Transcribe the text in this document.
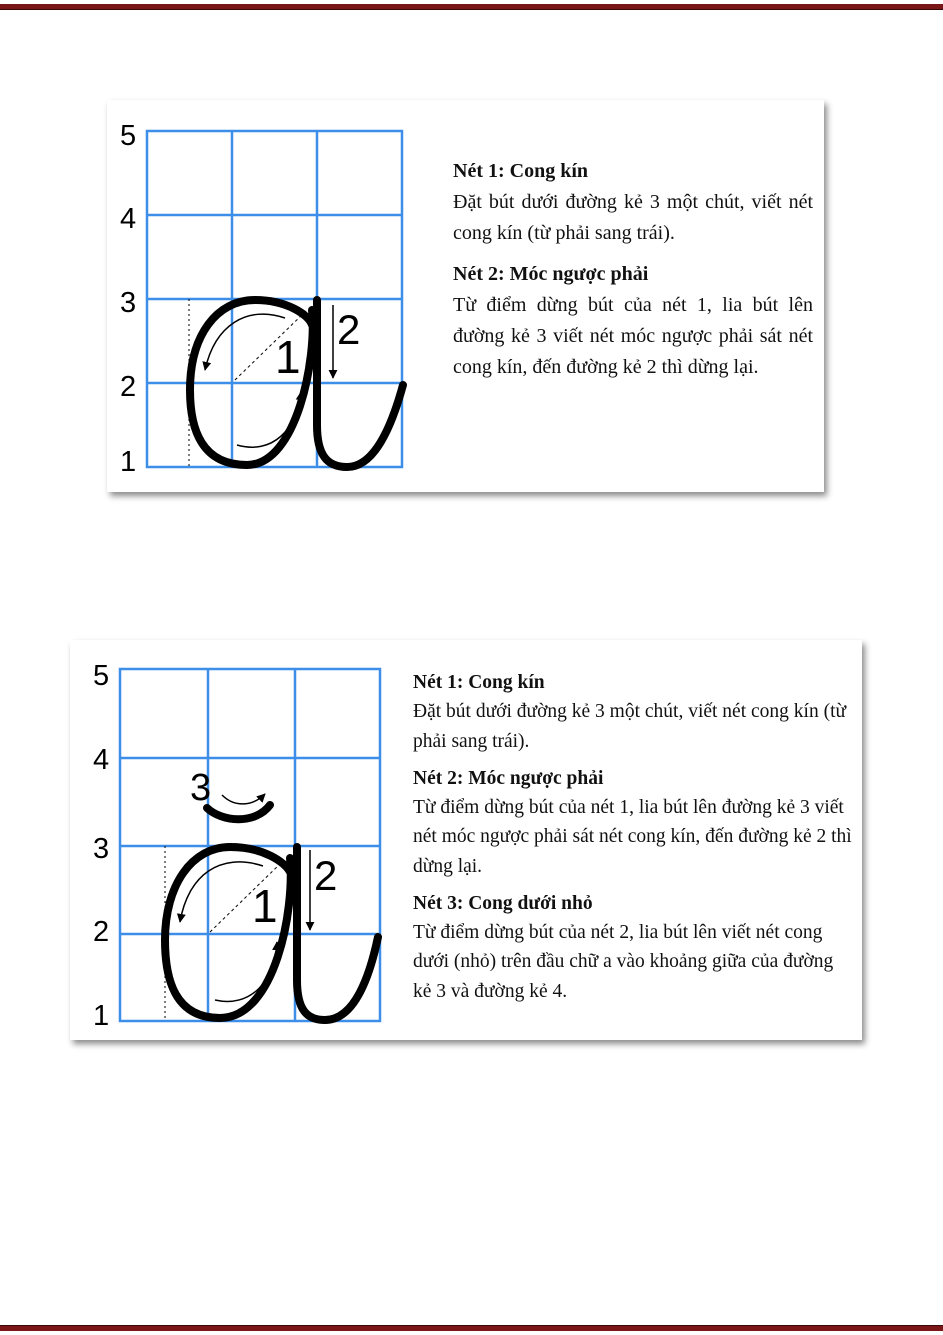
5
4
3
2
1
1
2

Nét 1: Cong kín

Đặt bút dưới đường kẻ 3 một chút, viết nét cong kín (từ phải sang trái).

Nét 2: Móc ngược phải

Từ điểm dừng bút của nét 1, lia bút lên đường kẻ 3 viết nét móc ngược phải sát nét cong kín, đến đường kẻ 2 thì dừng lại.

5
4
3
2
1
1
2
3

Nét 1: Cong kín

Đặt bút dưới đường kẻ 3 một chút, viết nét cong kín (từ phải sang trái).

Nét 2: Móc ngược phải

Từ điểm dừng bút của nét 1, lia bút lên đường kẻ 3 viết nét móc ngược phải sát nét cong kín, đến đường kẻ 2 thì dừng lại.

Nét 3: Cong dưới nhỏ

Từ điểm dừng bút của nét 2, lia bút lên viết nét cong dưới (nhỏ) trên đầu chữ a vào khoảng giữa của đường kẻ 3 và đường kẻ 4.
